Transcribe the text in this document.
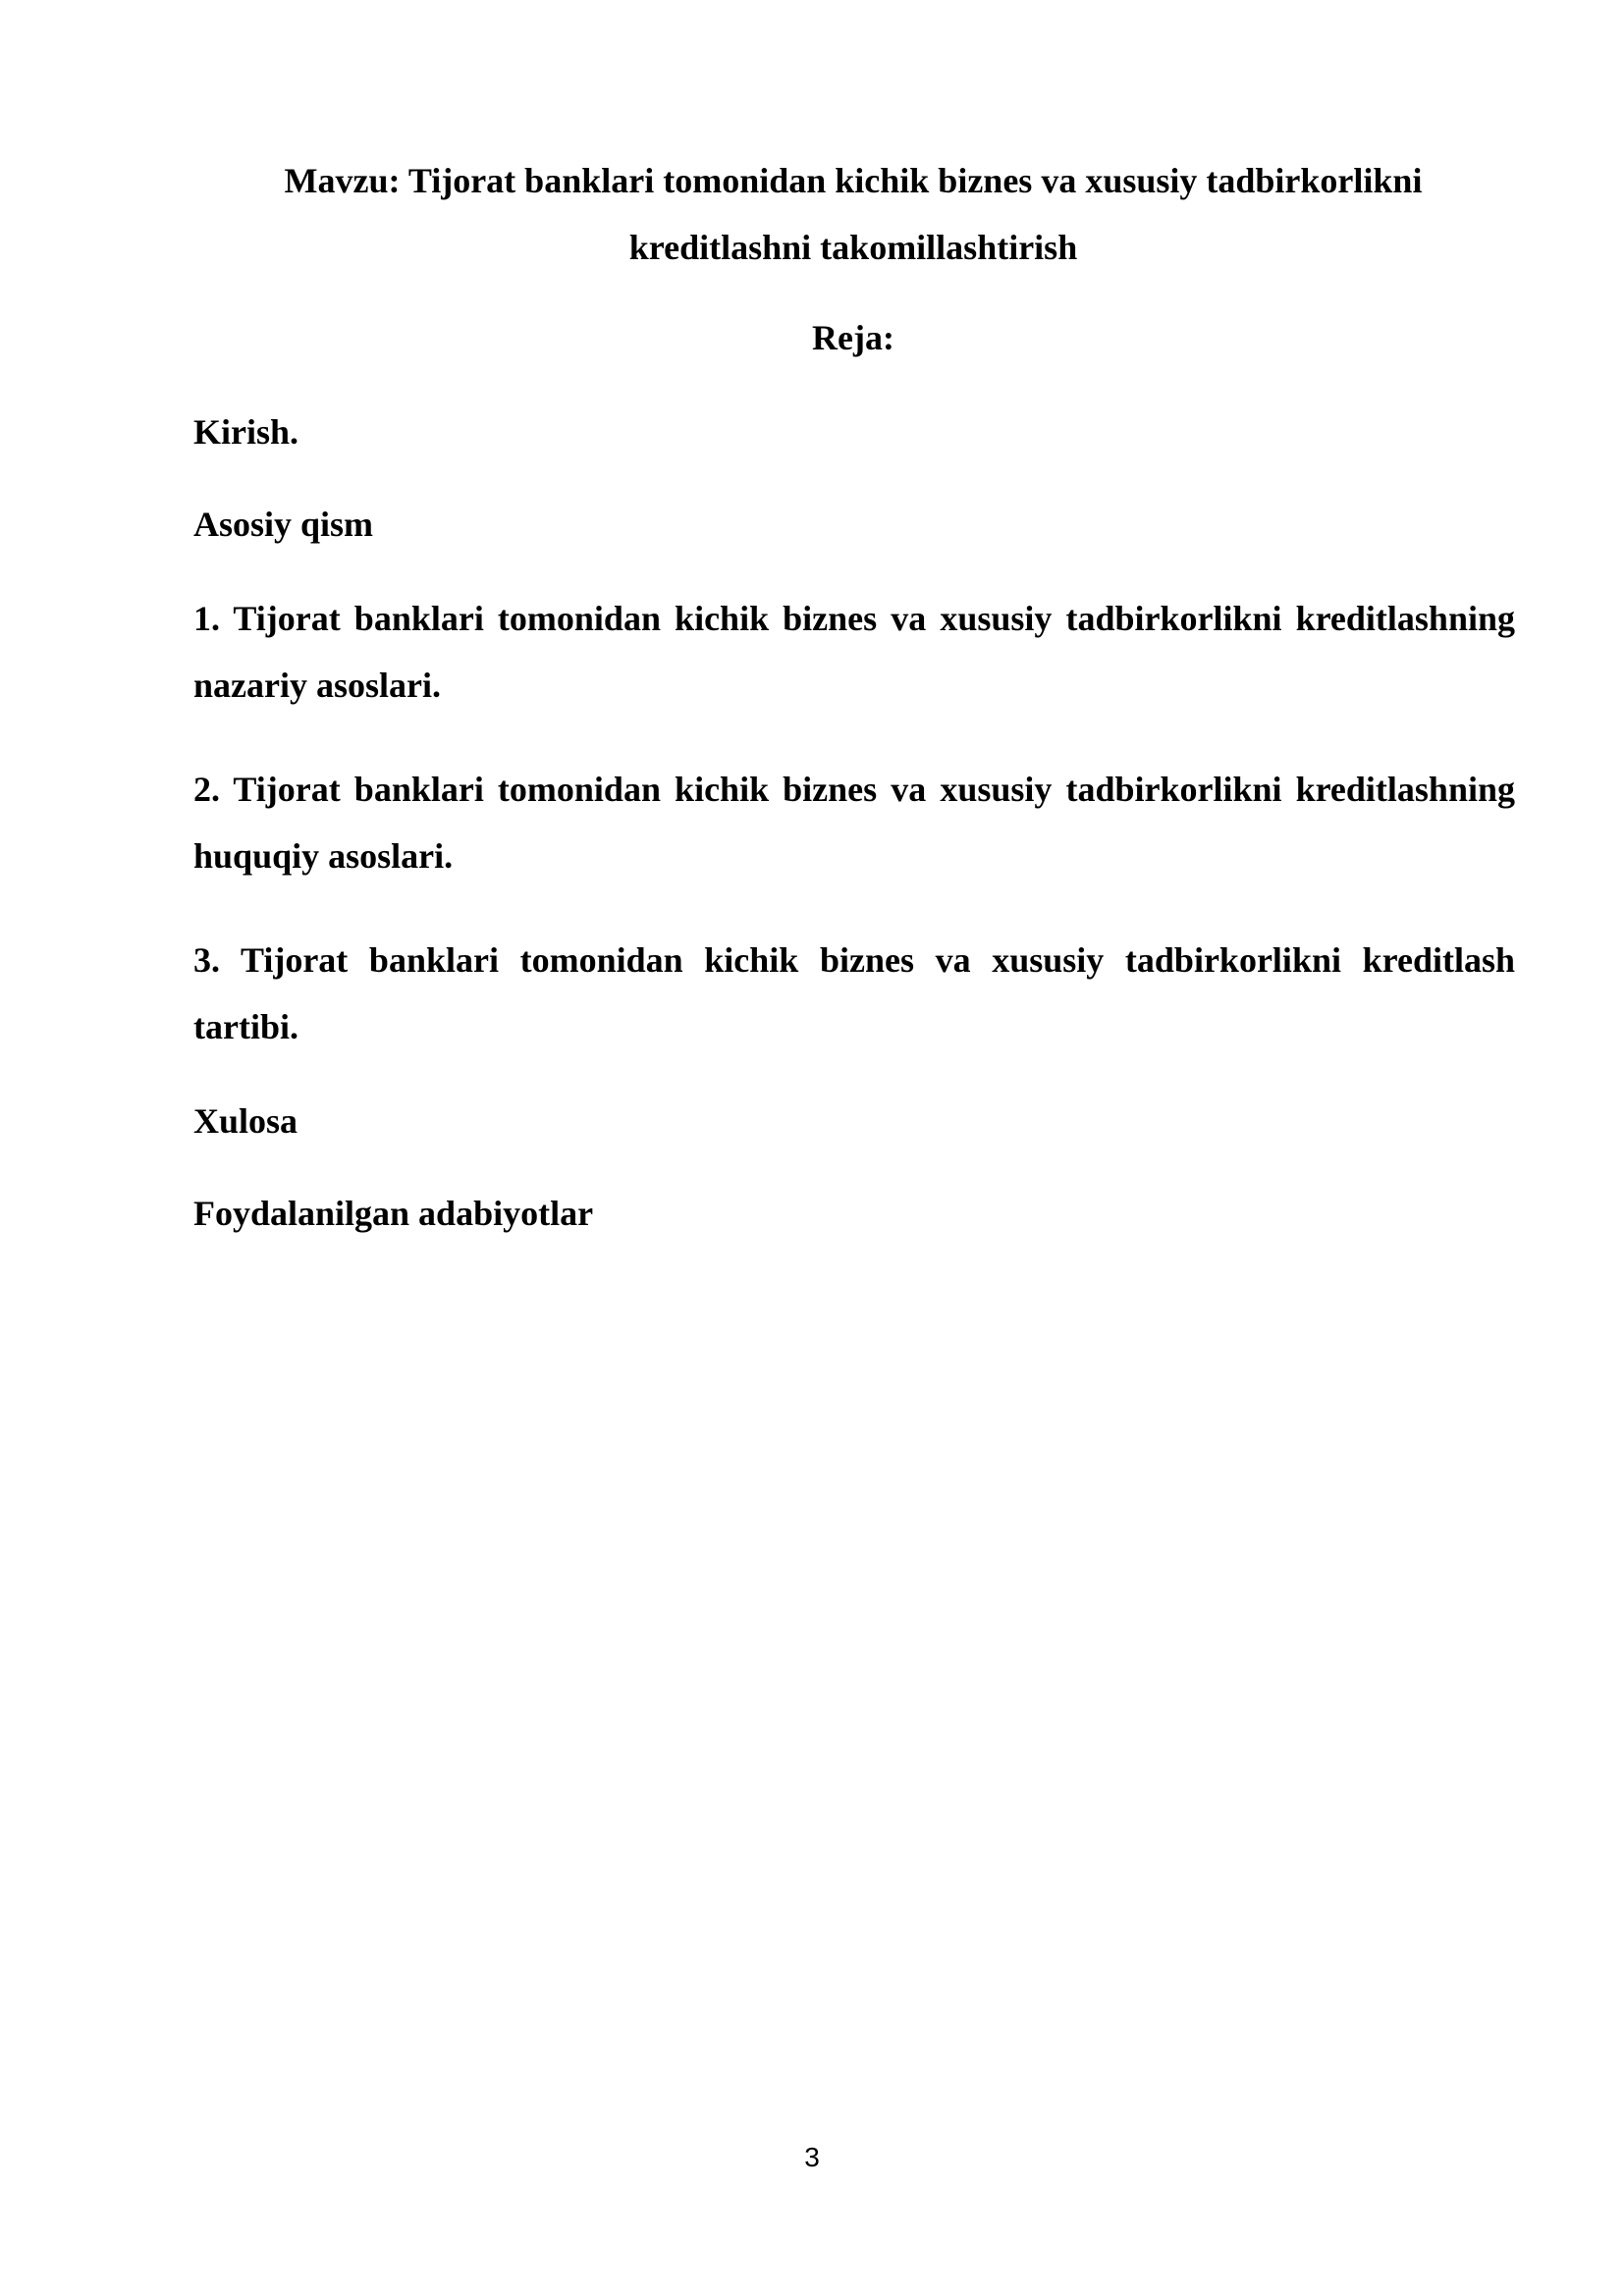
Mavzu: Tijorat banklari tomonidan kichik biznes va xususiy tadbirkorlikni kreditlashni takomillashtirish
Reja:
Kirish.
Asosiy qism
1. Tijorat banklari tomonidan kichik biznes va xususiy tadbirkorlikni kreditlashning nazariy asoslari.
2. Tijorat banklari tomonidan kichik biznes va xususiy tadbirkorlikni kreditlashning huquqiy asoslari.
3. Tijorat banklari tomonidan kichik biznes va xususiy tadbirkorlikni kreditlash tartibi.
Xulosa
Foydalanilgan adabiyotlar
3
